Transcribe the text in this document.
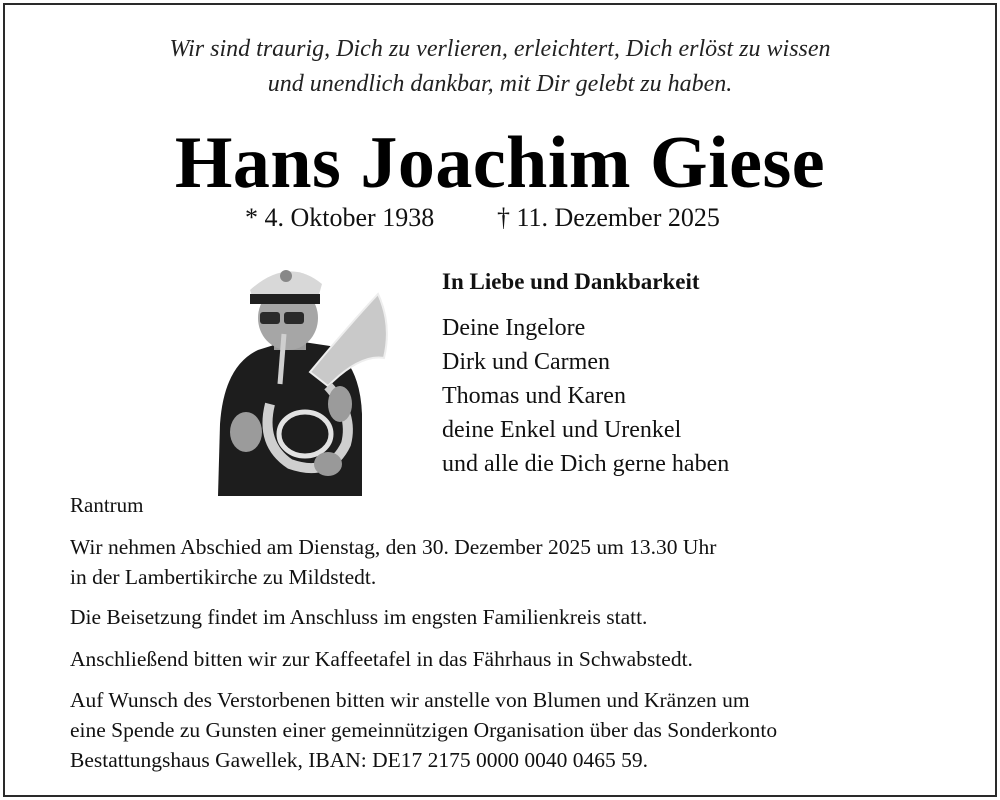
Wir sind traurig, Dich zu verlieren, erleichtert, Dich erlöst zu wissen
und unendlich dankbar, mit Dir gelebt zu haben.
Hans Joachim Giese
* 4. Oktober 1938 † 11. Dezember 2025
In Liebe und Dankbarkeit
Deine Ingelore
Dirk und Carmen
Thomas und Karen
deine Enkel und Urenkel
und alle die Dich gerne haben
Rantrum
Wir nehmen Abschied am Dienstag, den 30. Dezember 2025 um 13.30 Uhr
in der Lambertikirche zu Mildstedt.
Die Beisetzung findet im Anschluss im engsten Familienkreis statt.
Anschließend bitten wir zur Kaffeetafel in das Fährhaus in Schwabstedt.
Auf Wunsch des Verstorbenen bitten wir anstelle von Blumen und Kränzen um
eine Spende zu Gunsten einer gemeinnützigen Organisation über das Sonderkonto
Bestattungshaus Gawellek, IBAN: DE17 2175 0000 0040 0465 59.
